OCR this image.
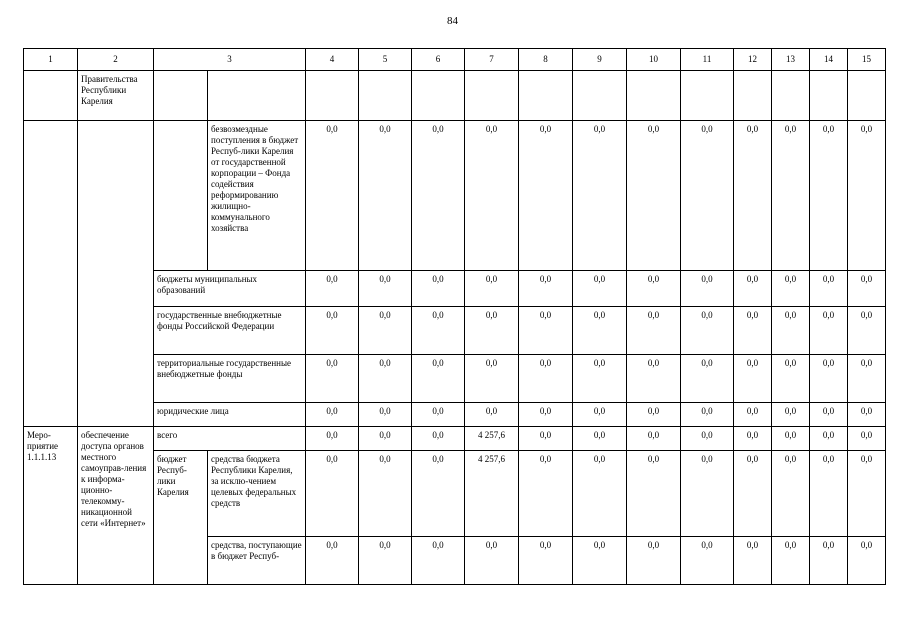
84
1	2	3		4	5	6	7	8	9	10	11	12	13	14	15
	Правительства Республики Карелия														
			безвозмездные поступления в бюджет Респуб-лики Карелия от государственной корпорации – Фонда содействия реформированию жилищно-коммунального хозяйства	0,0	0,0	0,0	0,0	0,0	0,0	0,0	0,0	0,0	0,0	0,0	0,0
		бюджеты муниципальных образований		0,0	0,0	0,0	0,0	0,0	0,0	0,0	0,0	0,0	0,0	0,0	0,0
		государственные внебюджетные фонды Российской Федерации		0,0	0,0	0,0	0,0	0,0	0,0	0,0	0,0	0,0	0,0	0,0	0,0
		территориальные государственные внебюджетные фонды		0,0	0,0	0,0	0,0	0,0	0,0	0,0	0,0	0,0	0,0	0,0	0,0
		юридические лица		0,0	0,0	0,0	0,0	0,0	0,0	0,0	0,0	0,0	0,0	0,0	0,0
Меро-приятие 1.1.1.13	обеспечение доступа органов местного самоуправ-ления к информа-ционно-телекомму-никационной сети «Интернет»	всего		0,0	0,0	0,0	4 257,6	0,0	0,0	0,0	0,0	0,0	0,0	0,0	0,0
		бюджет Респуб-лики Карелия	средства бюджета Республики Карелия, за исклю-чением целевых федеральных средств	0,0	0,0	0,0	4 257,6	0,0	0,0	0,0	0,0	0,0	0,0	0,0	0,0
			средства, поступающие в бюджет Респуб-	0,0	0,0	0,0	0,0	0,0	0,0	0,0	0,0	0,0	0,0	0,0	0,0
